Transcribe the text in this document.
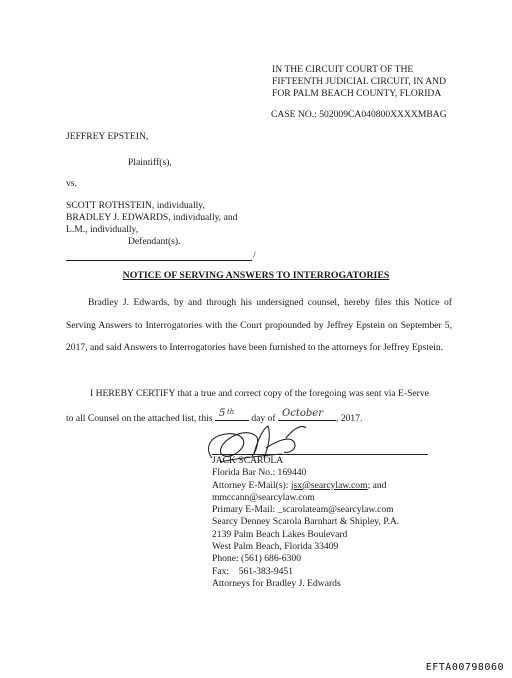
IN THE CIRCUIT COURT OF THE
FIFTEENTH JUDICIAL CIRCUIT, IN AND
FOR PALM BEACH COUNTY, FLORIDA
CASE NO.: 502009CA040800XXXXMBAG
JEFFREY EPSTEIN,
Plaintiff(s),
vs.
SCOTT ROTHSTEIN, individually,
BRADLEY J. EDWARDS, individually, and
L.M., individually,
Defendant(s).
/
NOTICE OF SERVING ANSWERS TO INTERROGATORIES

Bradley J. Edwards, by and through his undersigned counsel, hereby files this Notice of Serving Answers to Interrogatories with the Court propounded by Jeffrey Epstein on September 5, 2017, and said Answers to Interrogatories have been furnished to the attorneys for Jeffrey Epstein.

I HEREBY CERTIFY that a true and correct copy of the foregoing was sent via E-Serve
to all Counsel on the attached list, this 5 th
day of October , 2017.
JACK SCAROLA
Florida Bar No.: 169440
Attorney E-Mail(s): jsx@searcylaw.com; and
mmccann@searcylaw.com
Primary E-Mail: _scarolateam@searcylaw.com
Searcy Denney Scarola Barnhart & Shipley, P.A.
2139 Palm Beach Lakes Boulevard
West Palm Beach, Florida 33409
Phone: (561) 686-6300
Fax:    561-383-9451
Attorneys for Bradley J. Edwards
EFTA00798060
